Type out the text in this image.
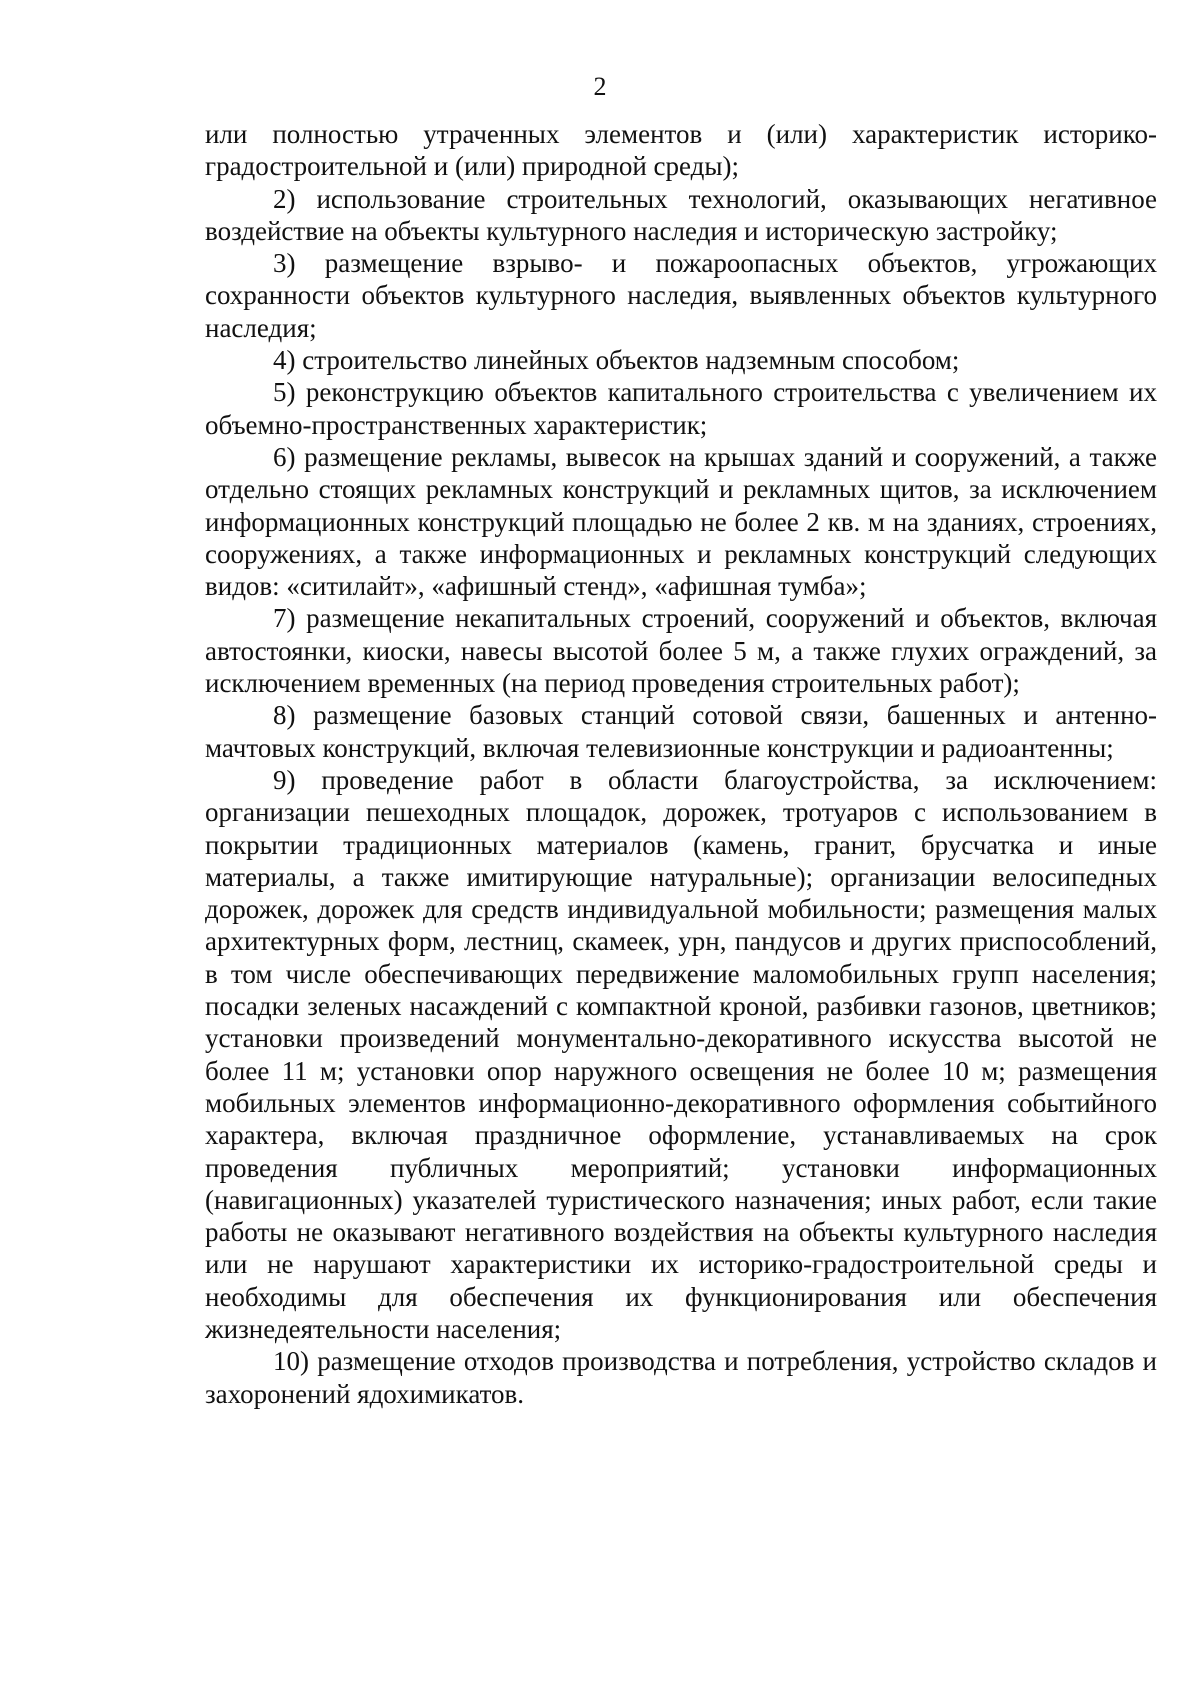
2

или полностью утраченных элементов и (или) характеристик историко-градостроительной и (или) природной среды);

2) использование строительных технологий, оказывающих негативное воздействие на объекты культурного наследия и историческую застройку;

3) размещение взрыво- и пожароопасных объектов, угрожающих сохранности объектов культурного наследия, выявленных объектов культурного наследия;

4) строительство линейных объектов надземным способом;

5) реконструкцию объектов капитального строительства с увеличением их объемно-пространственных характеристик;

6) размещение рекламы, вывесок на крышах зданий и сооружений, а также отдельно стоящих рекламных конструкций и рекламных щитов, за исключением информационных конструкций площадью не более 2 кв. м на зданиях, строениях, сооружениях, а также информационных и рекламных конструкций следующих видов: «ситилайт», «афишный стенд», «афишная тумба»;

7) размещение некапитальных строений, сооружений и объектов, включая автостоянки, киоски, навесы высотой более 5 м, а также глухих ограждений, за исключением временных (на период проведения строительных работ);

8) размещение базовых станций сотовой связи, башенных и антенно-мачтовых конструкций, включая телевизионные конструкции и радиоантенны;

9) проведение работ в области благоустройства, за исключением: организации пешеходных площадок, дорожек, тротуаров с использованием в покрытии традиционных материалов (камень, гранит, брусчатка и иные материалы, а также имитирующие натуральные); организации велосипедных дорожек, дорожек для средств индивидуальной мобильности; размещения малых архитектурных форм, лестниц, скамеек, урн, пандусов и других приспособлений, в том числе обеспечивающих передвижение маломобильных групп населения; посадки зеленых насаждений с компактной кроной, разбивки газонов, цветников; установки произведений монументально-декоративного искусства высотой не более 11 м; установки опор наружного освещения не более 10 м; размещения мобильных элементов информационно-декоративного оформления событийного характера, включая праздничное оформление, устанавливаемых на срок проведения публичных мероприятий; установки информационных (навигационных) указателей туристического назначения; иных работ, если такие работы не оказывают негативного воздействия на объекты культурного наследия или не нарушают характеристики их историко-градостроительной среды и необходимы для обеспечения их функционирования или обеспечения жизнедеятельности населения;

10) размещение отходов производства и потребления, устройство складов и захоронений ядохимикатов.
